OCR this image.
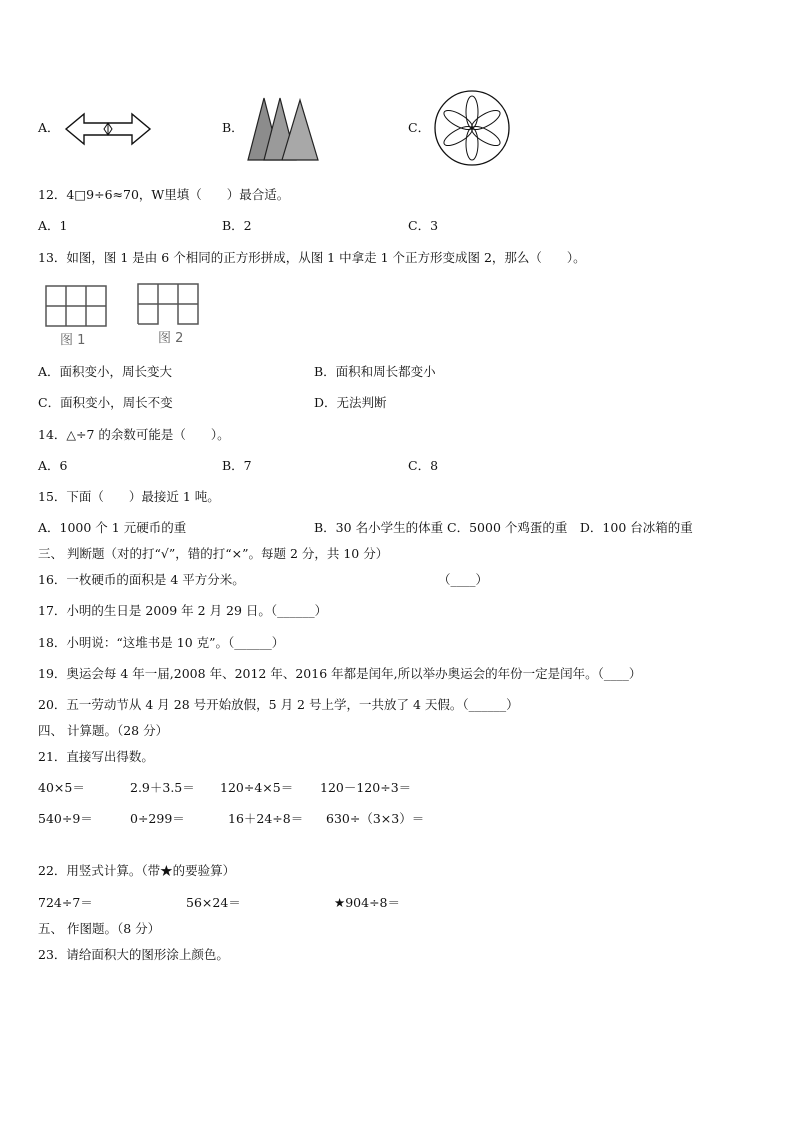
A．	B．	C．
12．4□9÷6≈70，W里填（　　）最合适。
A．1	B．2	C．3
13．如图，图 1 是由 6 个相同的正方形拼成，从图 1 中拿走 1 个正方形变成图 2，那么（　　）。
图 1	图 2
A．面积变小，周长变大	B．面积和周长都变小
C．面积变小，周长不变	D．无法判断
14．△÷7 的余数可能是（　　）。
A．6	B．7	C．8
15．下面（　　）最接近 1 吨。
A．1000 个 1 元硬币的重	B．30 名小学生的体重 C．5000 个鸡蛋的重　D．100 台冰箱的重
三、 判断题（对的打“√”，错的打“×”。每题 2 分，共 10 分）
16．一枚硬币的面积是 4 平方分米。	（____）
17．小明的生日是 2009 年 2 月 29 日。（______）
18．小明说：“这堆书是 10 克”。（______）
19．奥运会每 4 年一届,2008 年、2012 年、2016 年都是闰年,所以举办奥运会的年份一定是闰年。（____）
20．五一劳动节从 4 月 28 号开始放假，5 月 2 号上学，一共放了 4 天假。（______）
四、 计算题。（28 分）
21．直接写出得数。
40×5＝	2.9＋3.5＝ 120÷4×5＝ 120－120÷3＝
540÷9＝	0÷299＝	16＋24÷8＝ 630÷（3×3）＝
22．用竖式计算。（带★的要验算）
724÷7＝	56×24＝	★904÷8＝
五、 作图题。（8 分）
23．请给面积大的图形涂上颜色。
